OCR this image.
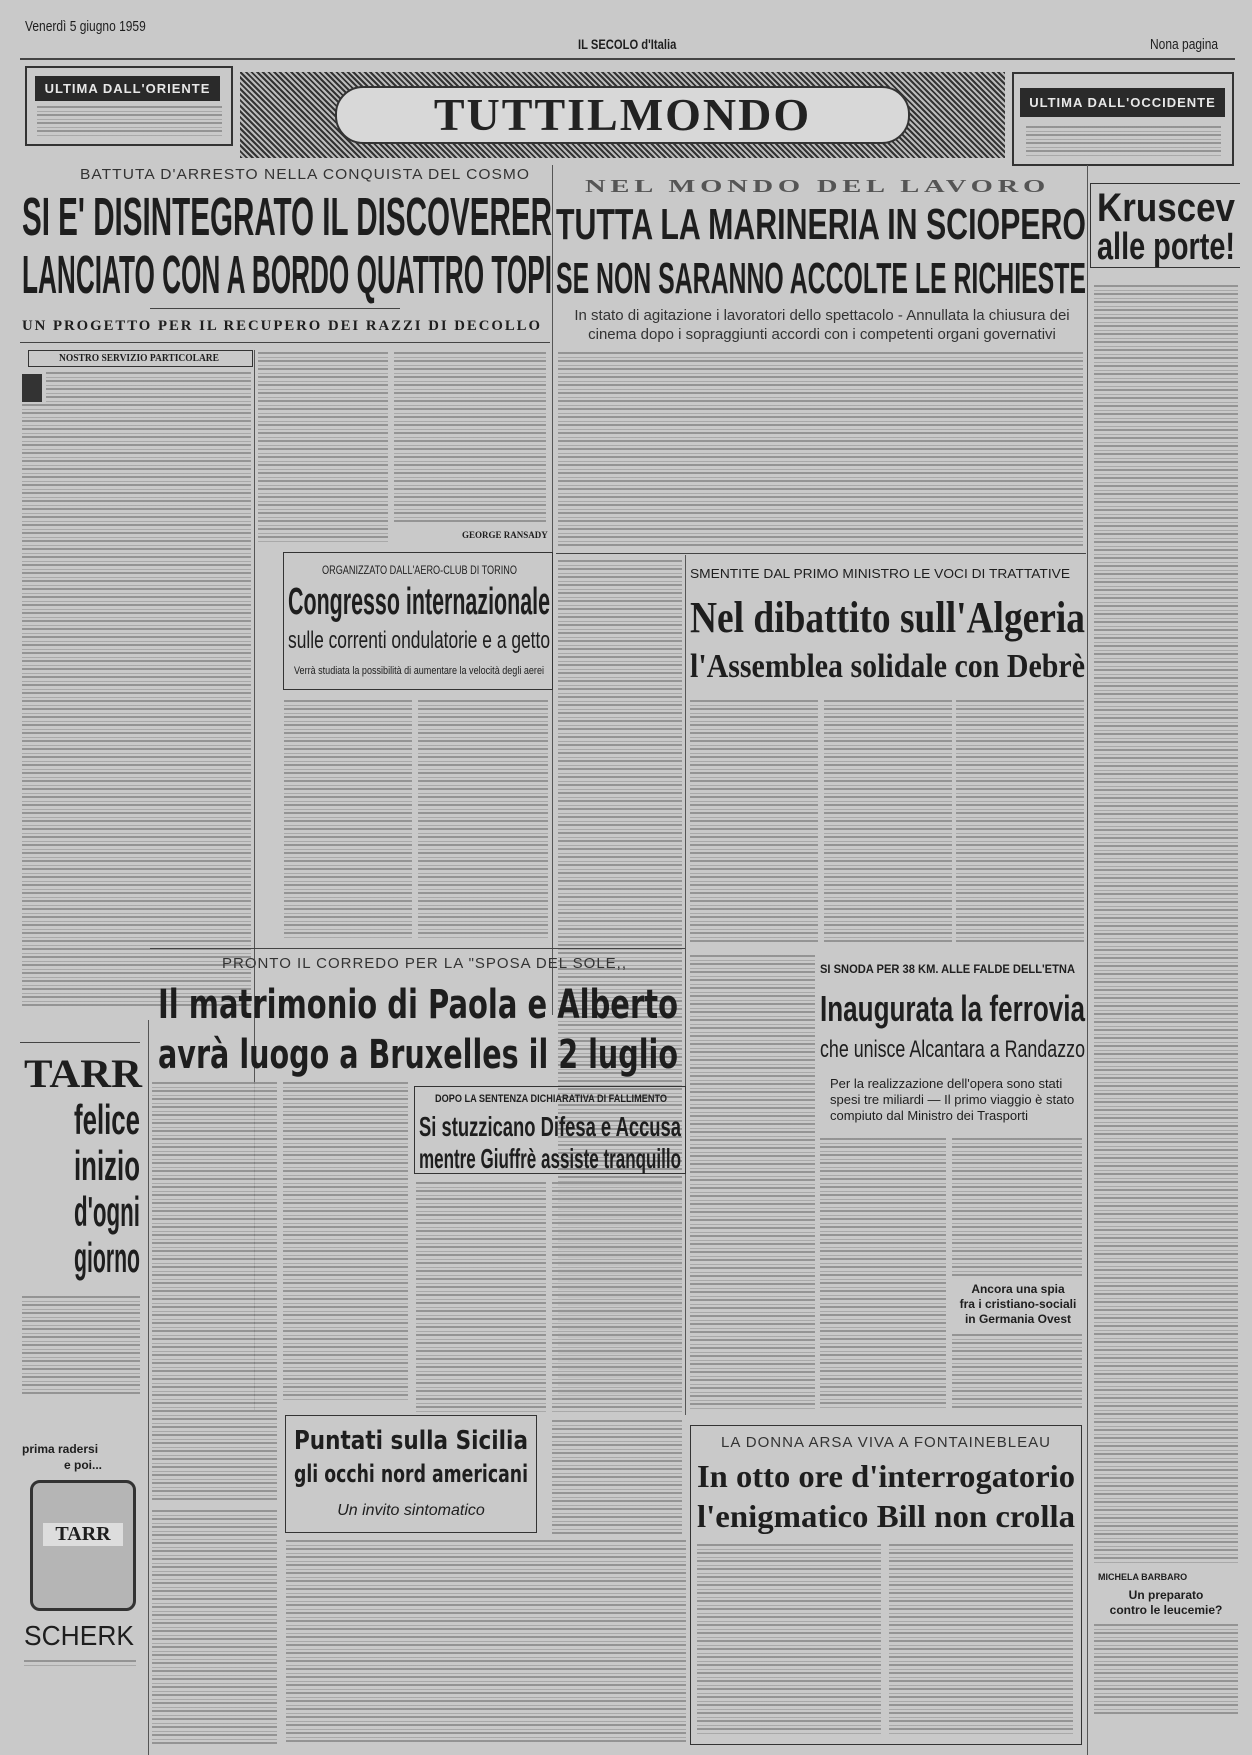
Venerdì 5 giugno 1959
IL SECOLO d'Italia	Nona pagina
ULTIMA DALL'ORIENTE
TUTTILMONDO	ULTIMA DALL'OCCIDENTE
BATTUTA D'ARRESTO NELLA CONQUISTA DEL COSMO
SI E' DISINTEGRATO IL DISCOVERER
LANCIATO CON A BORDO QUATTRO TOPI
UN PROGETTO PER IL RECUPERO DEI RAZZI DI DECOLLO
NOSTRO SERVIZIO PARTICOLARE
GEORGE RANSADY
ORGANIZZATO DALL'AERO-CLUB DI TORINO
Congresso internazionale
sulle correnti ondulatorie e a getto
Verrà studiata la possibilità di aumentare la velocità degli aerei
NEL MONDO DEL LAVORO
TUTTA LA MARINERIA IN SCIOPERO
SE NON SARANNO ACCOLTE LE RICHIESTE
In stato di agitazione i lavoratori dello spettacolo - Annullata la chiusura dei cinema dopo i sopraggiunti accordi con i competenti organi governativi
Kruscev
alle porte!
SMENTITE DAL PRIMO MINISTRO LE VOCI DI TRATTATIVE
Nel dibattito sull'Algeria
l'Assemblea solidale con Debrè
PRONTO IL CORREDO PER LA "SPOSA DEL SOLE,,
Il matrimonio di Paola e Alberto
avrà luogo a Bruxelles il 2 luglio
DOPO LA SENTENZA DICHIARATIVA DI FALLIMENTO
Si stuzzicano Difesa e Accusa
mentre Giuffrè assiste tranquillo
Puntati sulla Sicilia
gli occhi nord americani
Un invito sintomatico
SI SNODA PER 38 KM. ALLE FALDE DELL'ETNA
Inaugurata la ferrovia
che unisce Alcantara a Randazzo
Per la realizzazione dell'opera sono stati spesi tre miliardi — Il primo viaggio è stato compiuto dal Ministro dei Trasporti
Ancora una spia
fra i cristiano-sociali
in Germania Ovest
LA DONNA ARSA VIVA A FONTAINEBLEAU
In otto ore d'interrogatorio
l'enigmatico Bill non crolla
MICHELA BARBARO
Un preparato
contro le leucemie?
TARR
felice
inizio
d'ogni
giorno
prima radersi
e poi...
TARR
SCHERK
